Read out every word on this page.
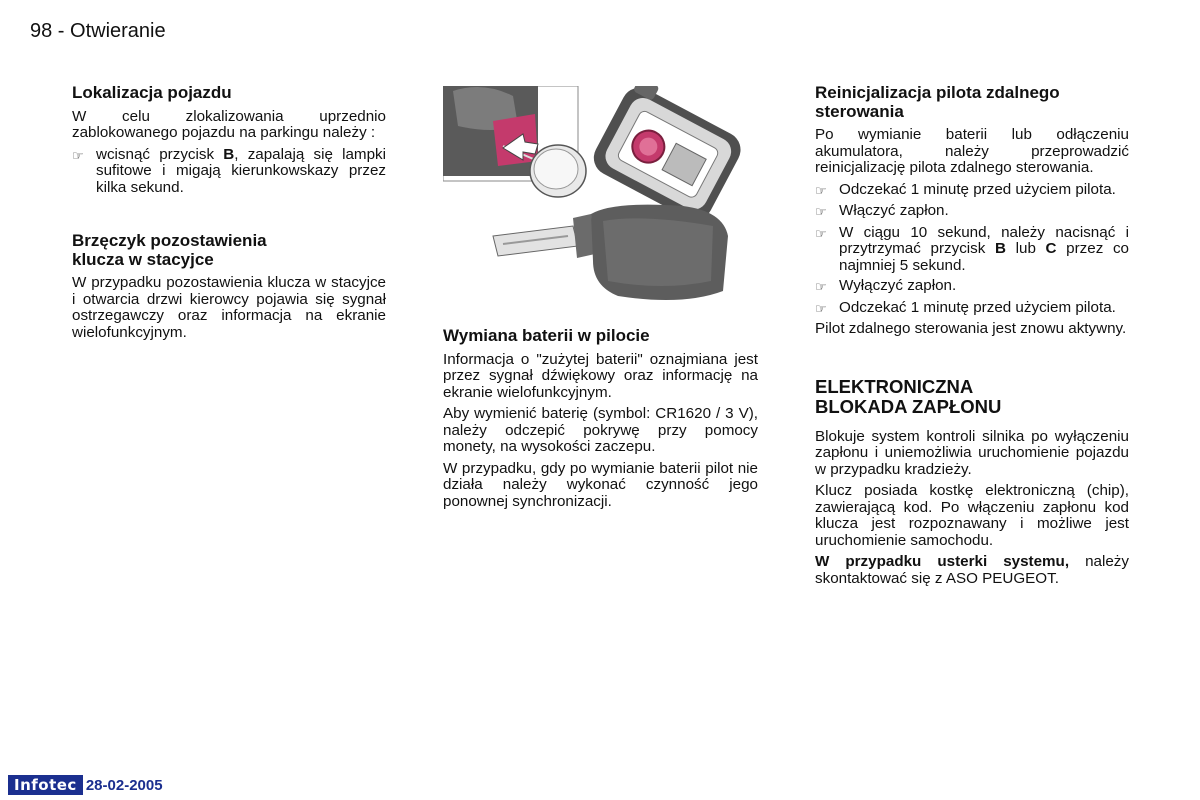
98 - Otwieranie
Lokalizacja pojazdu

W celu zlokalizowania uprzednio zablokowanego pojazdu na parkingu należy :

☞ wcisnąć przycisk B, zapalają się lampki sufitowe i migają kierunkowskazy przez kilka sekund.
Brzęczyk pozostawienia
klucza w stacyjce

W przypadku pozostawienia klucza w stacyjce i otwarcia drzwi kierowcy pojawia się sygnał ostrzegawczy oraz informacja na ekranie wielofunkcyjnym.	Wymiana baterii w pilocie

Informacja o "zużytej baterii" oznajmiana jest przez sygnał dźwiękowy oraz informację na ekranie wielofunkcyjnym.

Aby wymienić baterię (symbol: CR1620 / 3 V), należy odczepić pokrywę przy pomocy monety, na wysokości zaczepu.

W przypadku, gdy po wymianie baterii pilot nie działa należy wykonać czynność jego ponownej synchronizacji.

Reinicjalizacja pilota zdalnego
sterowania

Po wymianie baterii lub odłączeniu akumulatora, należy przeprowadzić reinicjalizację pilota zdalnego sterowania.

☞ Odczekać 1 minutę przed użyciem pilota.
☞ Włączyć zapłon.
☞ W ciągu 10 sekund, należy nacisnąć i przytrzymać przycisk B lub C przez co najmniej 5 sekund.
☞ Wyłączyć zapłon.
☞ Odczekać 1 minutę przed użyciem pilota.

Pilot zdalnego sterowania jest znowu aktywny.

ELEKTRONICZNA
BLOKADA ZAPŁONU

Blokuje system kontroli silnika po wyłączeniu zapłonu i uniemożliwia uruchomienie pojazdu w przypadku kradzieży.

Klucz posiada kostkę elektroniczną (chip), zawierającą kod. Po włączeniu zapłonu kod klucza jest rozpoznawany i możliwe jest uruchomienie samochodu.

W przypadku usterki systemu, należy skontaktować się z ASO PEUGEOT.

Infotec 28-02-2005
